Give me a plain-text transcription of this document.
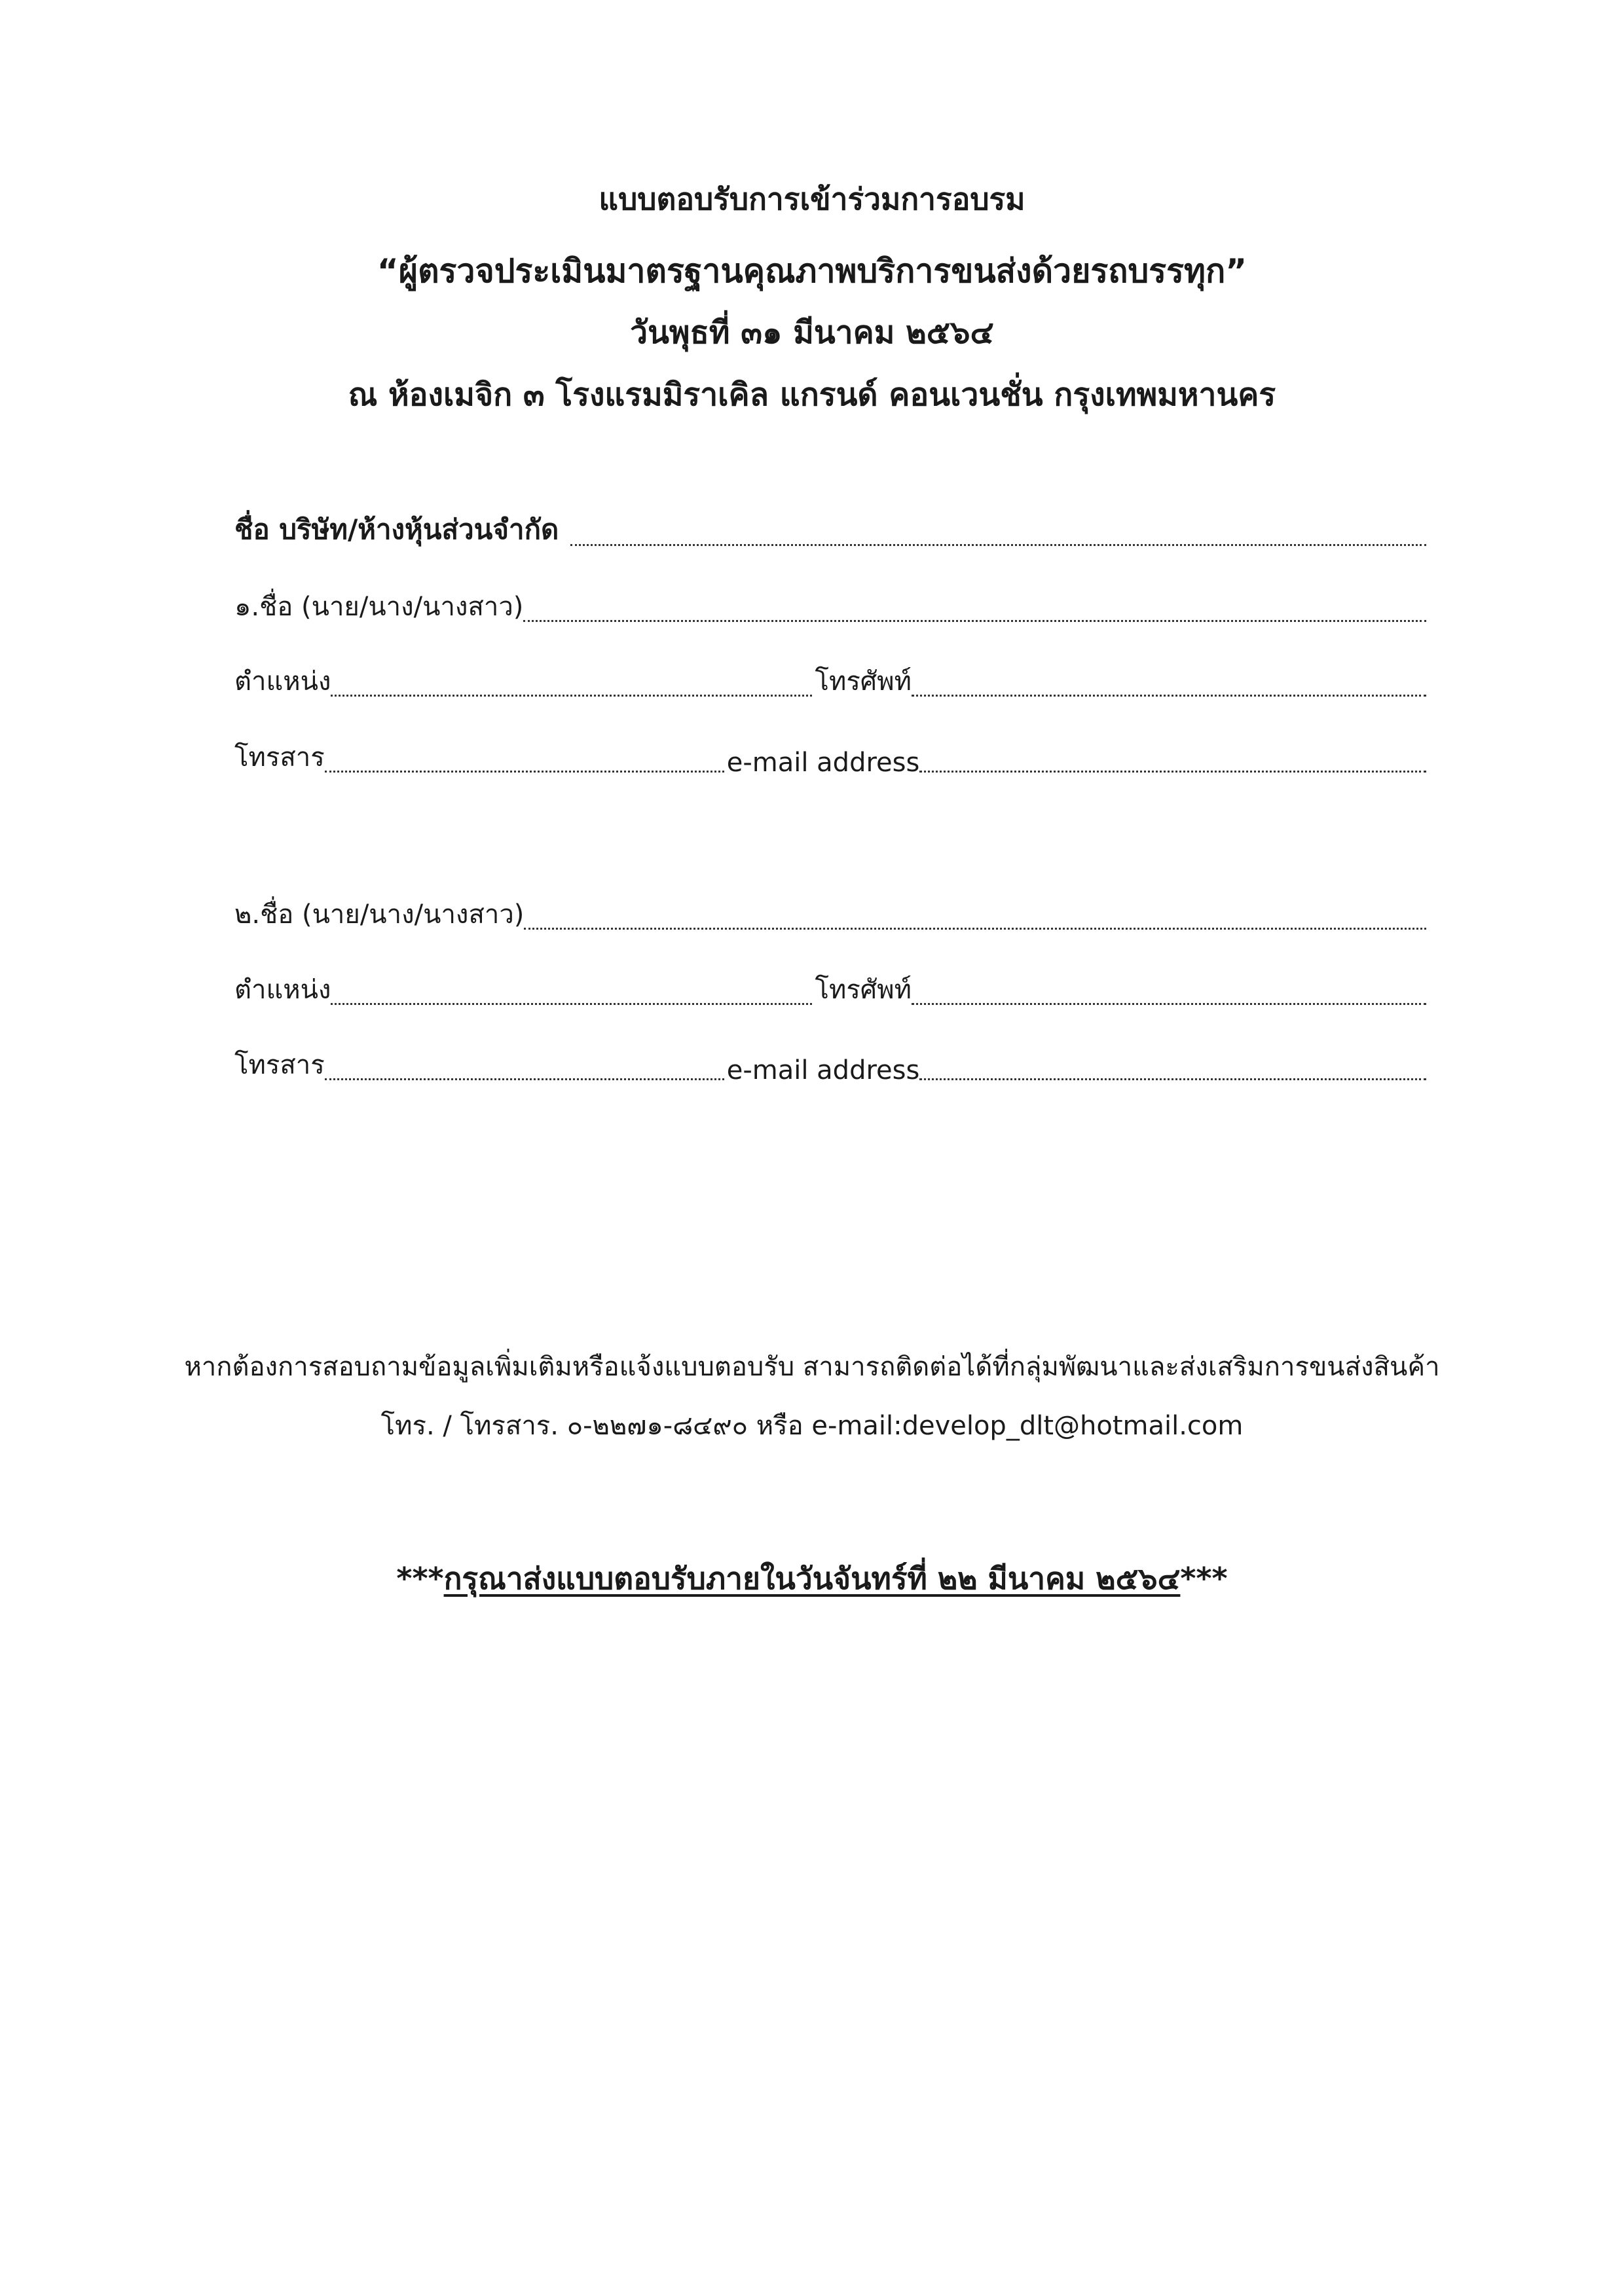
แบบตอบรับการเข้าร่วมการอบรม
“ผู้ตรวจประเมินมาตรฐานคุณภาพบริการขนส่งด้วยรถบรรทุก”
วันพุธที่ ๓๑ มีนาคม ๒๕๖๔
ณ ห้องเมจิก ๓ โรงแรมมิราเคิล แกรนด์ คอนเวนชั่น กรุงเทพมหานคร
ชื่อ บริษัท/ห้างหุ้นส่วนจำกัด
๑.ชื่อ (นาย/นาง/นางสาว)
ตำแหน่ง	โทรศัพท์
โทรสาร	e-mail address
๒.ชื่อ (นาย/นาง/นางสาว)
ตำแหน่ง	โทรศัพท์
โทรสาร	e-mail address
หากต้องการสอบถามข้อมูลเพิ่มเติมหรือแจ้งแบบตอบรับ สามารถติดต่อได้ที่กลุ่มพัฒนาและส่งเสริมการขนส่งสินค้า
โทร. / โทรสาร. ๐-๒๒๗๑-๘๔๙๐ หรือ e-mail:develop_dlt@hotmail.com
***กรุณาส่งแบบตอบรับภายในวันจันทร์ที่ ๒๒ มีนาคม ๒๕๖๔***
